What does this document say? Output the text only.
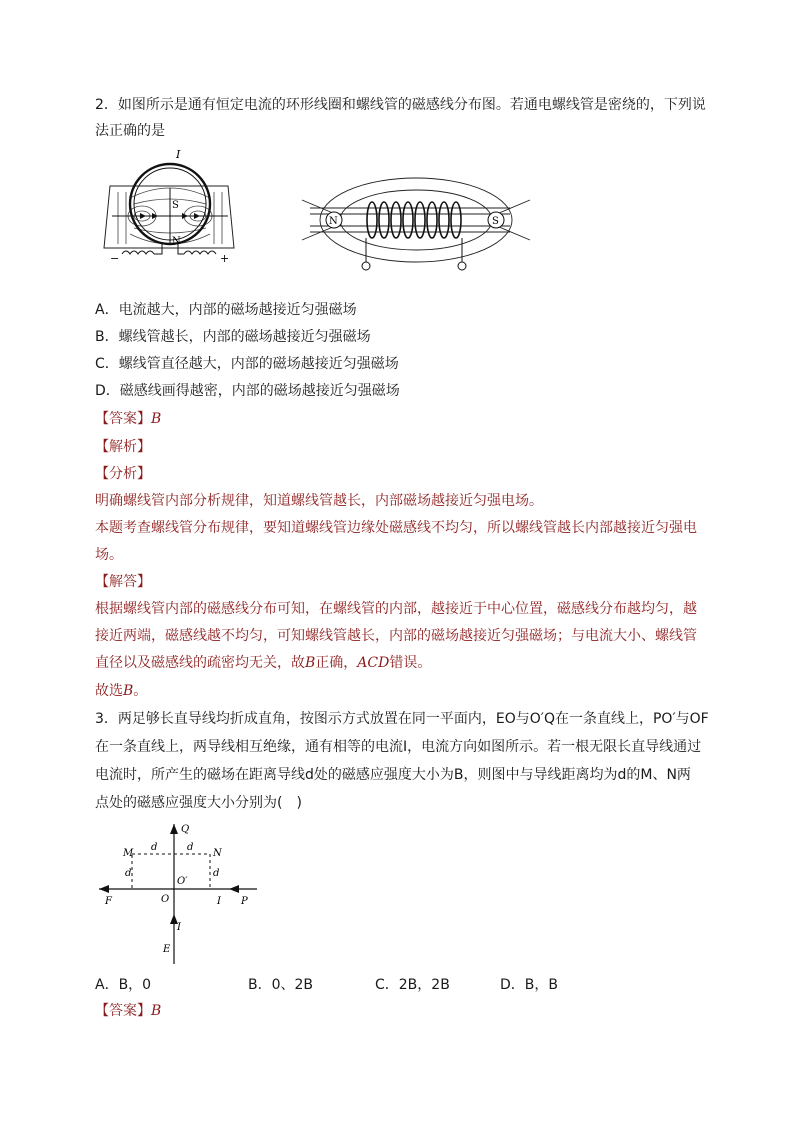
2．如图所示是通有恒定电流的环形线圈和螺线管的磁感线分布图。若通电螺线管是密绕的，下列说
法正确的是
I
S
N
−	+
N	S
A．电流越大，内部的磁场越接近匀强磁场
B．螺线管越长，内部的磁场越接近匀强磁场
C．螺线管直径越大，内部的磁场越接近匀强磁场
D．磁感线画得越密，内部的磁场越接近匀强磁场
【答案】B
【解析】
【分析】
明确螺线管内部分析规律，知道螺线管越长，内部磁场越接近匀强电场。
本题考查螺线管分布规律，要知道螺线管边缘处磁感线不均匀，所以螺线管越长内部越接近匀强电
场。
【解答】
根据螺线管内部的磁感线分布可知，在螺线管的内部，越接近于中心位置，磁感线分布越均匀，越
接近两端，磁感线越不均匀，可知螺线管越长，内部的磁场越接近匀强磁场；与电流大小、螺线管
直径以及磁感线的疏密均无关，故B正确，ACD错误。
故选B。
3．两足够长直导线均折成直角，按图示方式放置在同一平面内，EO与O′Q在一条直线上，PO′与OF
在一条直线上，两导线相互绝缘，通有相等的电流I，电流方向如图所示。若一根无限长直导线通过
电流时，所产生的磁场在距离导线d处的磁感应强度大小为B，则图中与导线距离均为d的M、N两
点处的磁感应强度大小分别为(　)
Q
M	N
d	d
d	d
O′
O
F	I P
I
E
A．B，0	B．0、2B	C．2B，2B	D．B，B
【答案】B
